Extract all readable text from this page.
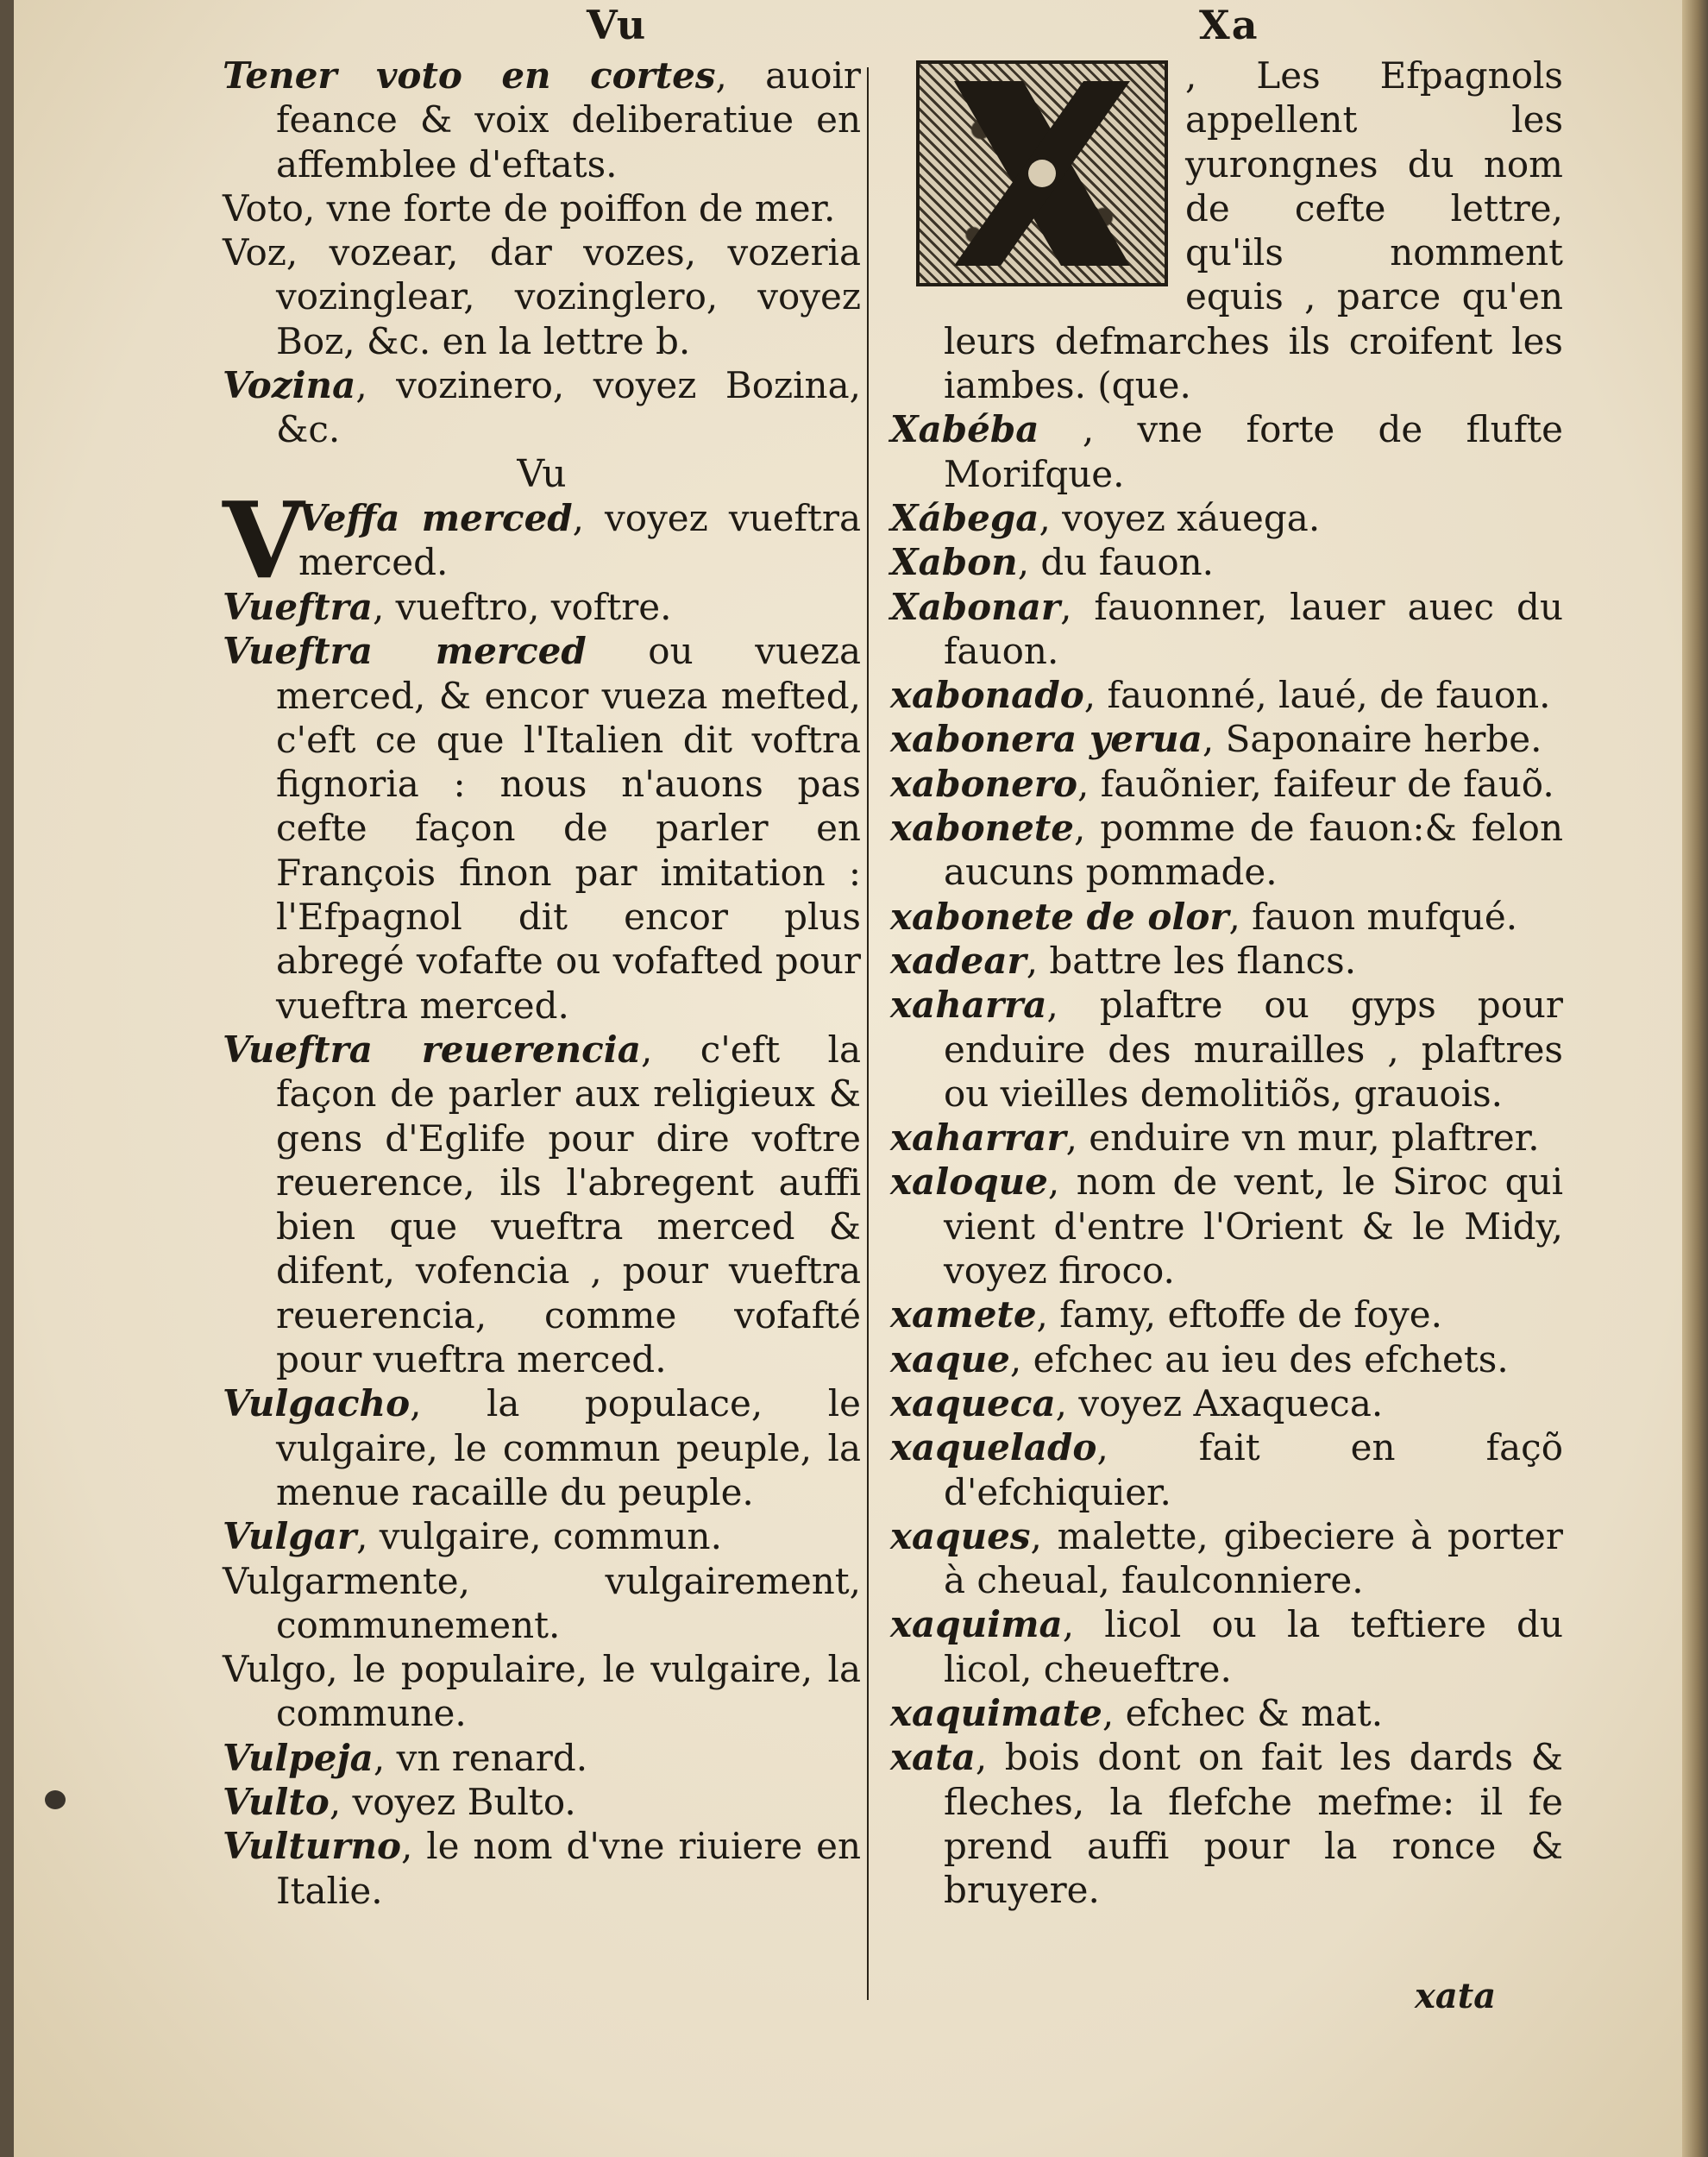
Vu	Xa
Tener voto en cortes, auoir feance & voix deliberatiue en affemblee d'eftats.
Voto, vne forte de poiffon de mer.
Voz, vozear, dar vozes, vozeria vozinglear, vozinglero, voyez Boz, &c. en la lettre b.
Vozina, vozinero, voyez Bozina, &c.
Vu
V
Veffa merced, voyez vueftra merced.
Vueftra, vueftro, voftre.
Vueftra merced ou vueza merced, & encor vueza mefted, c'eft ce que l'Italien dit voftra fignoria : nous n'auons pas cefte façon de parler en François finon par imitation : l'Efpagnol dit encor plus abregé vofafte ou vofafted pour vueftra merced.
Vueftra reuerencia, c'eft la façon de parler aux religieux & gens d'Eglife pour dire voftre reuerence, ils l'abregent auffi bien que vueftra merced & difent, vofencia , pour vueftra reuerencia, comme vofafté pour vueftra merced.
Vulgacho, la populace, le vulgaire, le commun peuple, la menue racaille du peuple.
Vulgar, vulgaire, commun.
Vulgarmente, vulgairement, communement.
Vulgo, le populaire, le vulgaire, la commune.
Vulpeja, vn renard.
Vulto, voyez Bulto.
Vulturno, le nom d'vne riuiere en Italie.
, Les Efpagnols appellent les yurongnes du nom de cefte lettre, qu'ils nomment equis , parce qu'en leurs defmarches ils croifent les iambes. (que.
Xabéba , vne forte de flufte Morifque.
Xábega, voyez xáuega.
Xabon, du fauon.
Xabonar, fauonner, lauer auec du fauon.
xabonado, fauonné, laué, de fauon.
xabonera yerua, Saponaire herbe.
xabonero, fauõnier, faifeur de fauõ.
xabonete, pomme de fauon:& felon aucuns pommade.
xabonete de olor, fauon mufqué.
xadear, battre les flancs.
xaharra, plaftre ou gyps pour enduire des murailles , plaftres ou vieilles demolitiõs, grauois.
xaharrar, enduire vn mur, plaftrer.
xaloque, nom de vent, le Siroc qui vient d'entre l'Orient & le Midy, voyez firoco.
xamete, famy, eftoffe de foye.
xaque, efchec au ieu des efchets.
xaqueca, voyez Axaqueca.
xaquelado, fait en façõ d'efchiquier.
xaques, malette, gibeciere à porter à cheual, faulconniere.
xaquima, licol ou la teftiere du licol, cheueftre.
xaquimate, efchec & mat.
xata, bois dont on fait les dards & fleches, la flefche mefme: il fe prend auffi pour la ronce & bruyere.
xata
